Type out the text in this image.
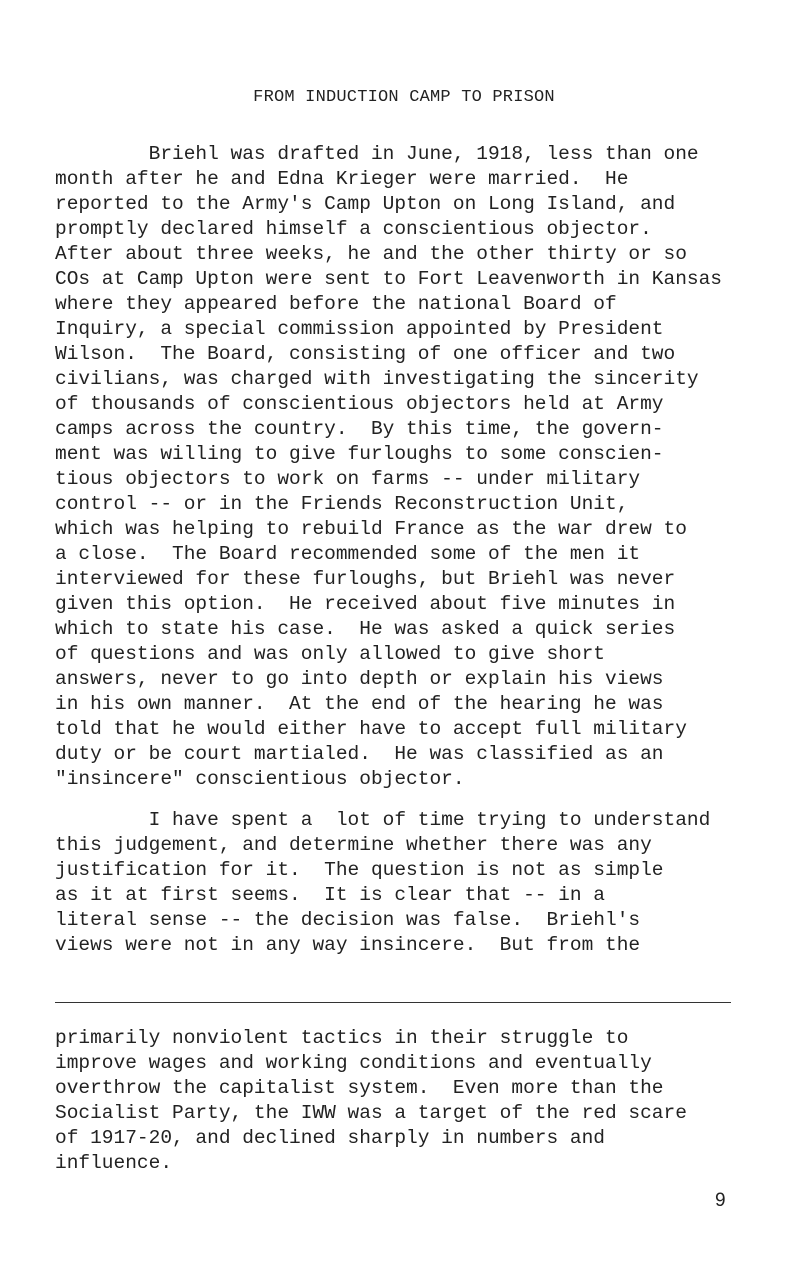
FROM INDUCTION CAMP TO PRISON

Briehl was drafted in June, 1918, less than one
month after he and Edna Krieger were married.  He
reported to the Army's Camp Upton on Long Island, and
promptly declared himself a conscientious objector.
After about three weeks, he and the other thirty or so
COs at Camp Upton were sent to Fort Leavenworth in Kansas
where they appeared before the national Board of
Inquiry, a special commission appointed by President
Wilson.  The Board, consisting of one officer and two
civilians, was charged with investigating the sincerity
of thousands of conscientious objectors held at Army
camps across the country.  By this time, the govern-
ment was willing to give furloughs to some conscien-
tious objectors to work on farms -- under military
control -- or in the Friends Reconstruction Unit,
which was helping to rebuild France as the war drew to
a close.  The Board recommended some of the men it
interviewed for these furloughs, but Briehl was never
given this option.  He received about five minutes in
which to state his case.  He was asked a quick series
of questions and was only allowed to give short
answers, never to go into depth or explain his views
in his own manner.  At the end of the hearing he was
told that he would either have to accept full military
duty or be court martialed.  He was classified as an
"insincere" conscientious objector.

I have spent a  lot of time trying to understand
this judgement, and determine whether there was any
justification for it.  The question is not as simple
as it at first seems.  It is clear that -- in a
literal sense -- the decision was false.  Briehl's
views were not in any way insincere.  But from the

primarily nonviolent tactics in their struggle to
improve wages and working conditions and eventually
overthrow the capitalist system.  Even more than the
Socialist Party, the IWW was a target of the red scare
of 1917-20, and declined sharply in numbers and
influence.

9
